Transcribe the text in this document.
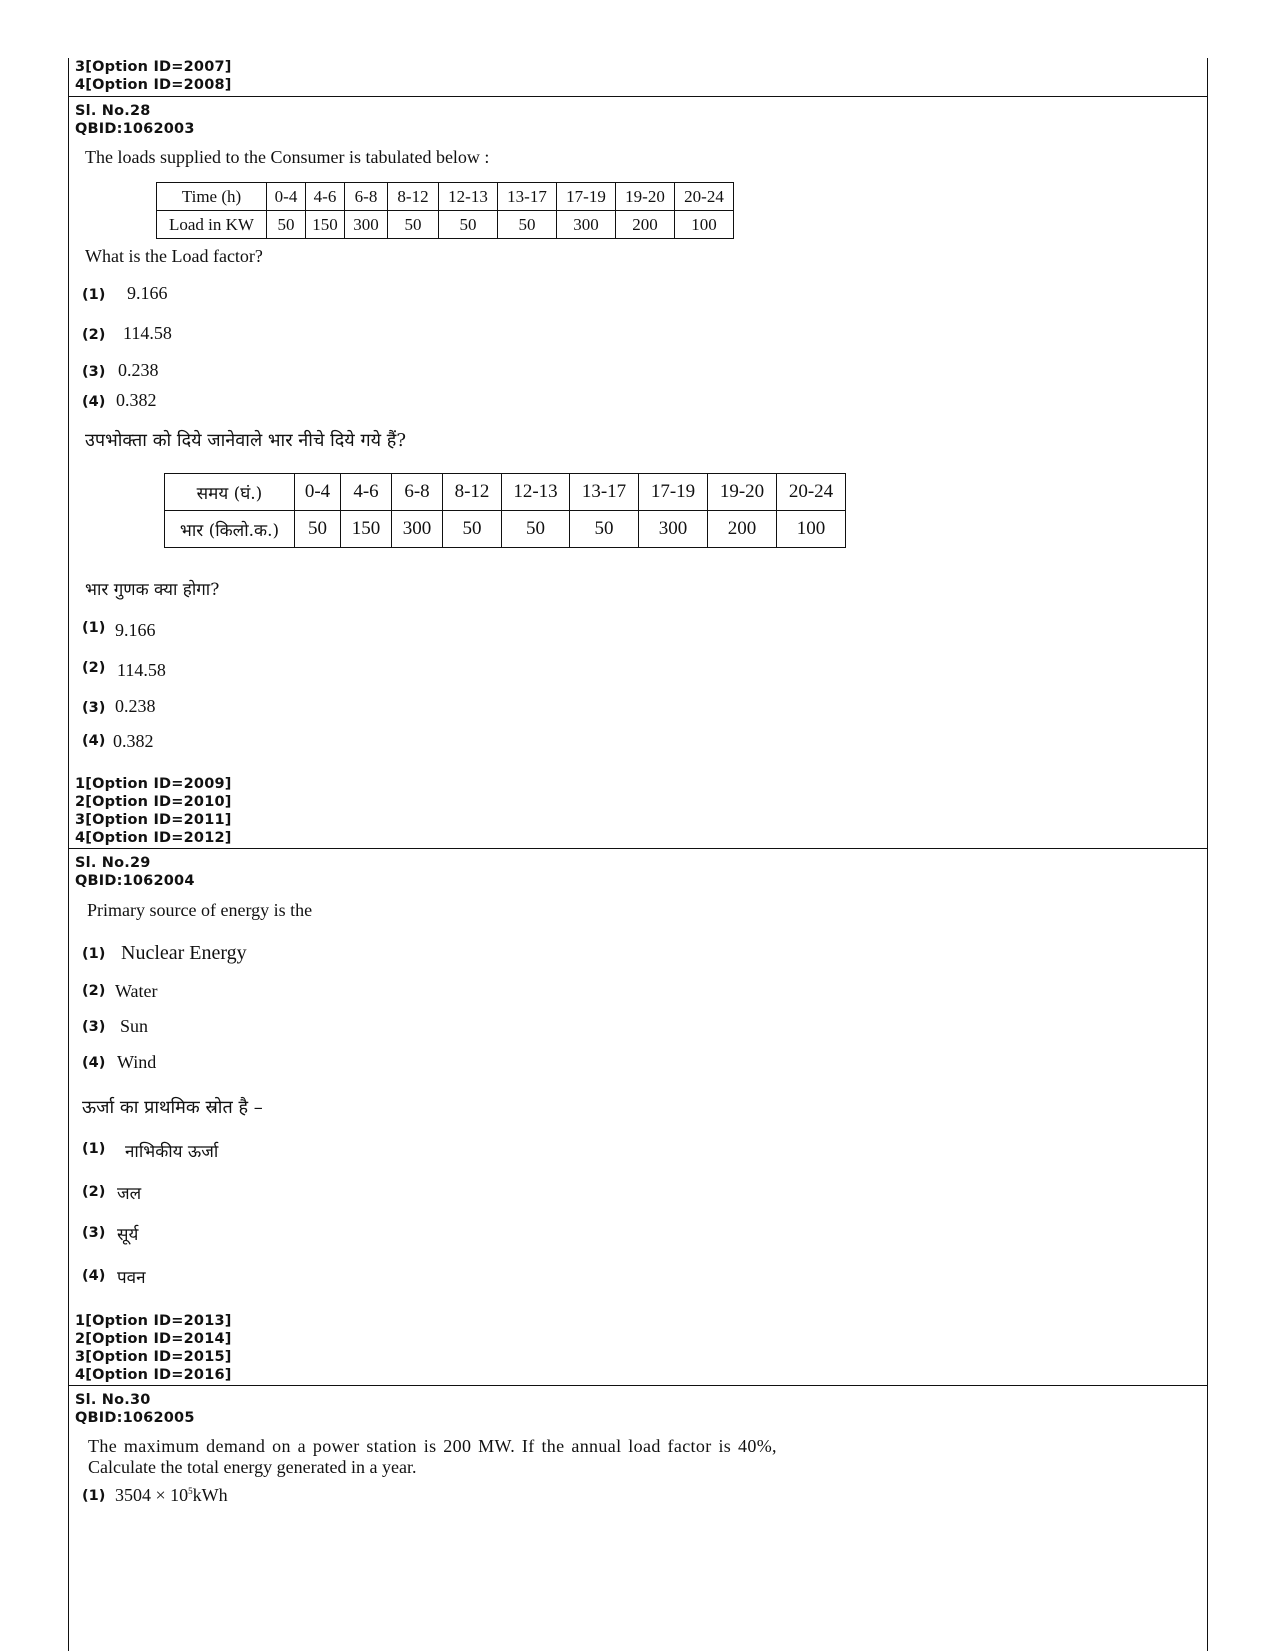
3[Option ID=2007]
4[Option ID=2008]
Sl. No.28
QBID:1062003
The loads supplied to the Consumer is tabulated below :
Time (h)	0-4	4-6	6-8	8-12	12-13	13-17	17-19	19-20	20-24
Load in KW	50	150	300	50	50	50	300	200	100
What is the Load factor?
(1) 9.166
(2) 114.58
(3) 0.238
(4) 0.382
उपभोक्ता को दिये जानेवाले भार नीचे दिये गये हैं?
समय (घं.)	0-4	4-6	6-8	8-12	12-13	13-17	17-19	19-20	20-24
भार (किलो.क.)	50	150	300	50	50	50	300	200	100
भार गुणक क्या होगा?
(1) 9.166
(2) 114.58
(3) 0.238
(4) 0.382
1[Option ID=2009]
2[Option ID=2010]
3[Option ID=2011]
4[Option ID=2012]
Sl. No.29
QBID:1062004
Primary source of energy is the
(1) Nuclear Energy
(2) Water
(3) Sun
(4) Wind
ऊर्जा का प्राथमिक स्रोत है –
(1) नाभिकीय ऊर्जा
(2) जल
(3) सूर्य
(4) पवन
1[Option ID=2013]
2[Option ID=2014]
3[Option ID=2015]
4[Option ID=2016]
Sl. No.30
QBID:1062005
The maximum demand on a power station is 200 MW. If the annual load factor is 40%,
Calculate the total energy generated in a year.
(1) $3504 \times 10^5kWh$
